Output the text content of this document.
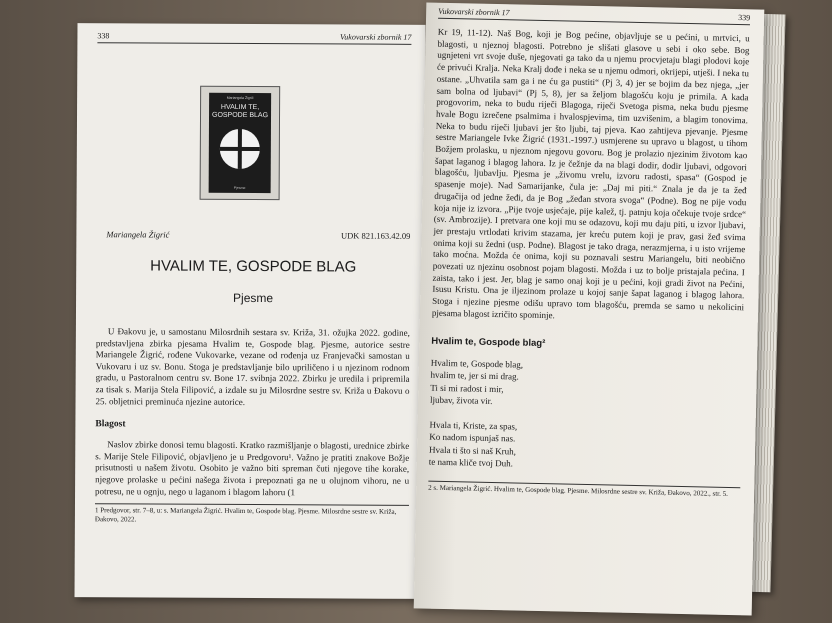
338	Vukovarski zbornik 17
Mariangela Žigrić
HVALIM TE,
GOSPODE BLAG
Pjesme
Mariangela Žigrić	UDK 821.163.42.09
HVALIM TE, GOSPODE BLAG
Pjesme

U Đakovu je, u samostanu Milosrdnih sestara sv. Križa, 31. ožujka 2022. godine, predstavljena zbirka pjesama Hvalim te, Gospode blag. Pjesme, autorice sestre Mariangele Žigrić, rođene Vukovarke, vezane od rođenja uz Franjevački samostan u Vukovaru i uz sv. Bonu. Stoga je predstavljanje bilo upriličeno i u njezinom rodnom gradu, u Pastoralnom centru sv. Bone 17. svibnja 2022. Zbirku je uredila i pripremila za tisak s. Marija Stela Filipović, a izdale su ju Milosrdne sestre sv. Križa u Đakovu o 25. obljetnici preminuća njezine autorice.

Blagost

Naslov zbirke donosi temu blagosti. Kratko razmišljanje o blagosti, urednice zbirke s. Marije Stele Filipović, objavljeno je u Predgovoru¹. Važno je pratiti znakove Božje prisutnosti u našem životu. Osobito je važno biti spreman čuti njegove tihe korake, njegove prolaske u pećini našega života i prepoznati ga ne u olujnom vihoru, ne u potresu, ne u ognju, nego u laganom i blagom lahoru (1

1 Predgovor, str. 7–8, u: s. Mariangela Žigrić. Hvalim te, Gospode blag. Pjesme. Milosrdne sestre sv. Križa, Đakovo, 2022.
Vukovarski zbornik 17
339

Kr 19, 11-12). Naš Bog, koji je Bog pećine, objavljuje se u pećini, u mrtvici, u blagosti, u njeznoj blagosti. Potrebno je slišati glasove u sebi i oko sebe. Bog ugnjeteni vrt svoje duše, njegovati ga tako da u njemu procvjetaju blagi plodovi koje će privući Kralja. Neka Kralj dođe i neka se u njemu odmori, okrijepi, utješi. I neka tu ostane. „Uhvatila sam ga i ne ću ga pustiti“ (Pj 3, 4) jer se bojim da bez njega, „jer sam bolna od ljubavi“ (Pj 5, 8), jer sa željom blagošću koju je primila. A kada progovorim, neka to budu riječi Blagoga, riječi Svetoga pisma, neka budu pjesme hvale Bogu izrečene psalmima i hvalospjevima, tim uzvišenim, a blagim tonovima. Neka to budu riječi ljubavi jer što ljubi, taj pjeva. Kao zahtijeva pjevanje. Pjesme sestre Mariangele Ivke Žigrić (1931.-1997.) usmjerene su upravo u blagost, u tihom Božjem prolasku, u njeznom njegovu govoru. Bog je prolazio njezinim životom kao šapat laganog i blagog lahora. Iz je čežnje da na blagi dodir, dodir ljubavi, odgovori blagošću, ljubavlju. Pjesma je „živomu vrelu, izvoru radosti, spasa“ (Gospod je spasenje moje). Nad Samarijanke, čula je: „Daj mi piti.“ Znala je da je ta žeđ drugačija od jedne žeđi, da je Bog „žeđan stvora svoga“ (Podne). Bog ne pije vodu koja nije iz izvora. „Pije tvoje usjećaje, pije kalež, tj. patnju koja očekuje tvoje srdce“ (sv. Ambrozije). I pretvara one koji mu se odazovu, koji mu daju piti, u izvor ljubavi, jer prestaju vrtlodati krivim stazama, jer kreću putem koji je prav, gasi žeđ svima onima koji su žedni (usp. Podne). Blagost je tako draga, nerazmjerna, i u isto vrijeme tako moćna. Možda će onima, koji su poznavali sestru Mariangelu, biti neobično povezati uz njezinu osobnost pojam blagosti. Možda i uz to bolje pristajala pećina. I zaista, tako i jest. Jer, blag je samo onaj koji je u pećini, koji gradi život na Pećini, Isusu Kristu. Ona je iljezinom prolaze u kojoj sanje šapat laganog i blagog lahora. Stoga i njezine pjesme odišu upravo tom blagošću, premda se samo u nekolicini pjesama blagost izričito spominje.

Hvalim te, Gospode blag²
Hvalim te, Gospode blag,
hvalim te, jer si mi drag.
Ti si mi radost i mir,
ljubav, života vir.
Hvala ti, Kriste, za spas,
Ko nadom ispunjaš nas.
Hvala ti što si naš Kruh,
te nama kliče tvoj Duh.
2 s. Mariangela Žigrić. Hvalim te, Gospode blag. Pjesme. Milosrdne sestre sv. Križa, Đakovo, 2022., str. 5.
